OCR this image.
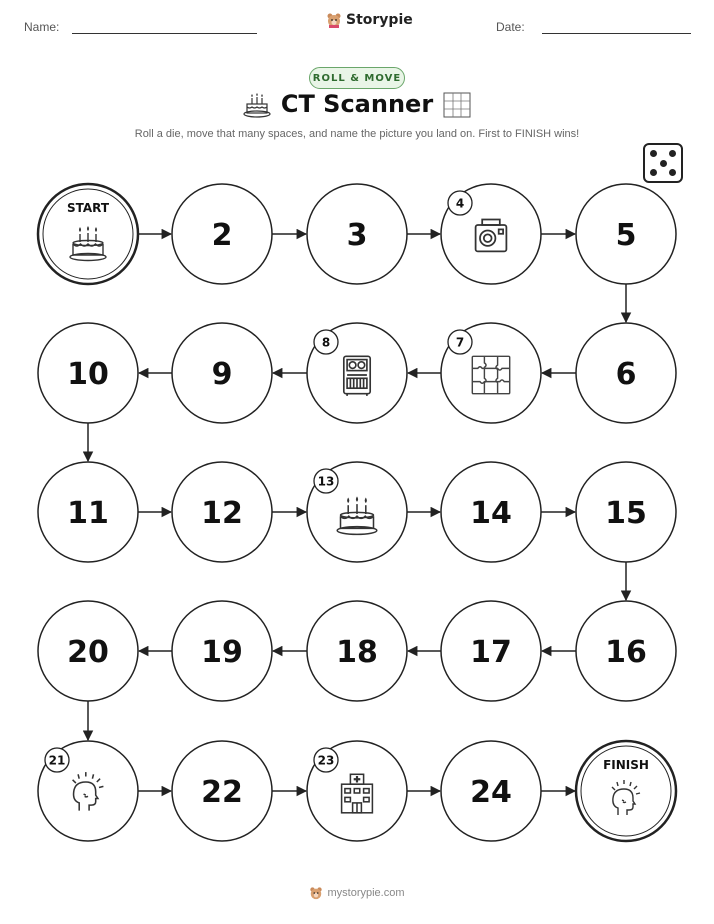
Name:	Storypie	Date:
ROLL & MOVE
CT Scanner
Roll a die, move that many spaces, and name the picture you land on. First to FINISH wins!
START
2	3
4
5
6
7
8
9
10
11	12
13
14	15
16
17
18
19
20
21
22
23
24
FINISH
mystorypie.com
